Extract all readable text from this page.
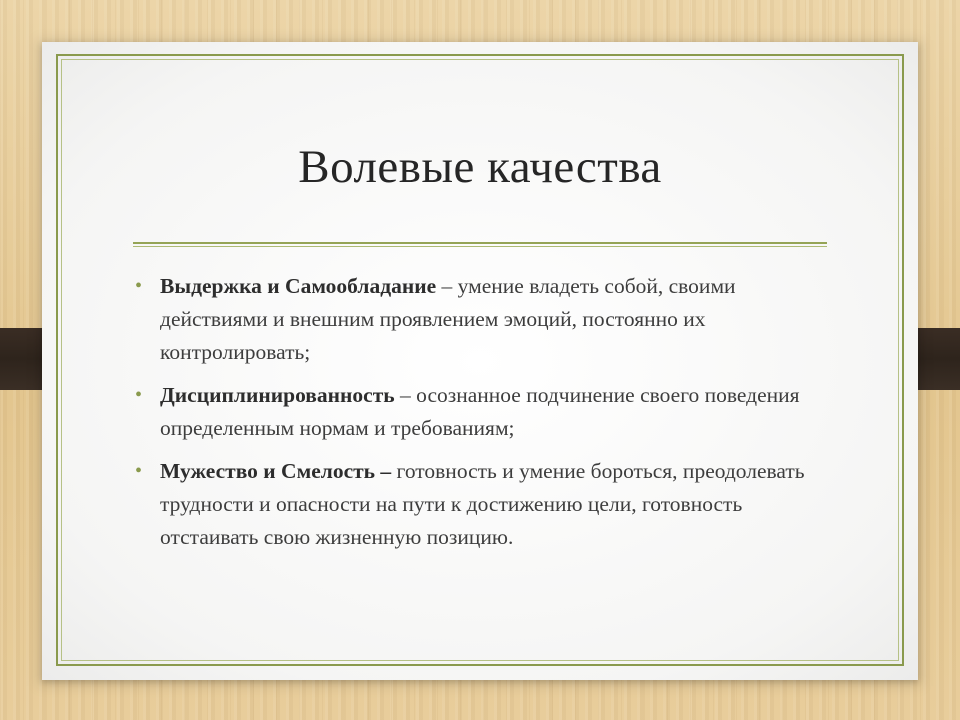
Волевые качества
• Выдержка и Самообладание – умение владеть собой, своими действиями и внешним проявлением эмоций, постоянно их контролировать;
• Дисциплинированность – осознанное подчинение своего поведения определенным нормам и требованиям;
• Мужество и Смелость – готовность и умение бороться, преодолевать трудности и опасности на пути к достижению цели, готовность отстаивать свою жизненную позицию.
